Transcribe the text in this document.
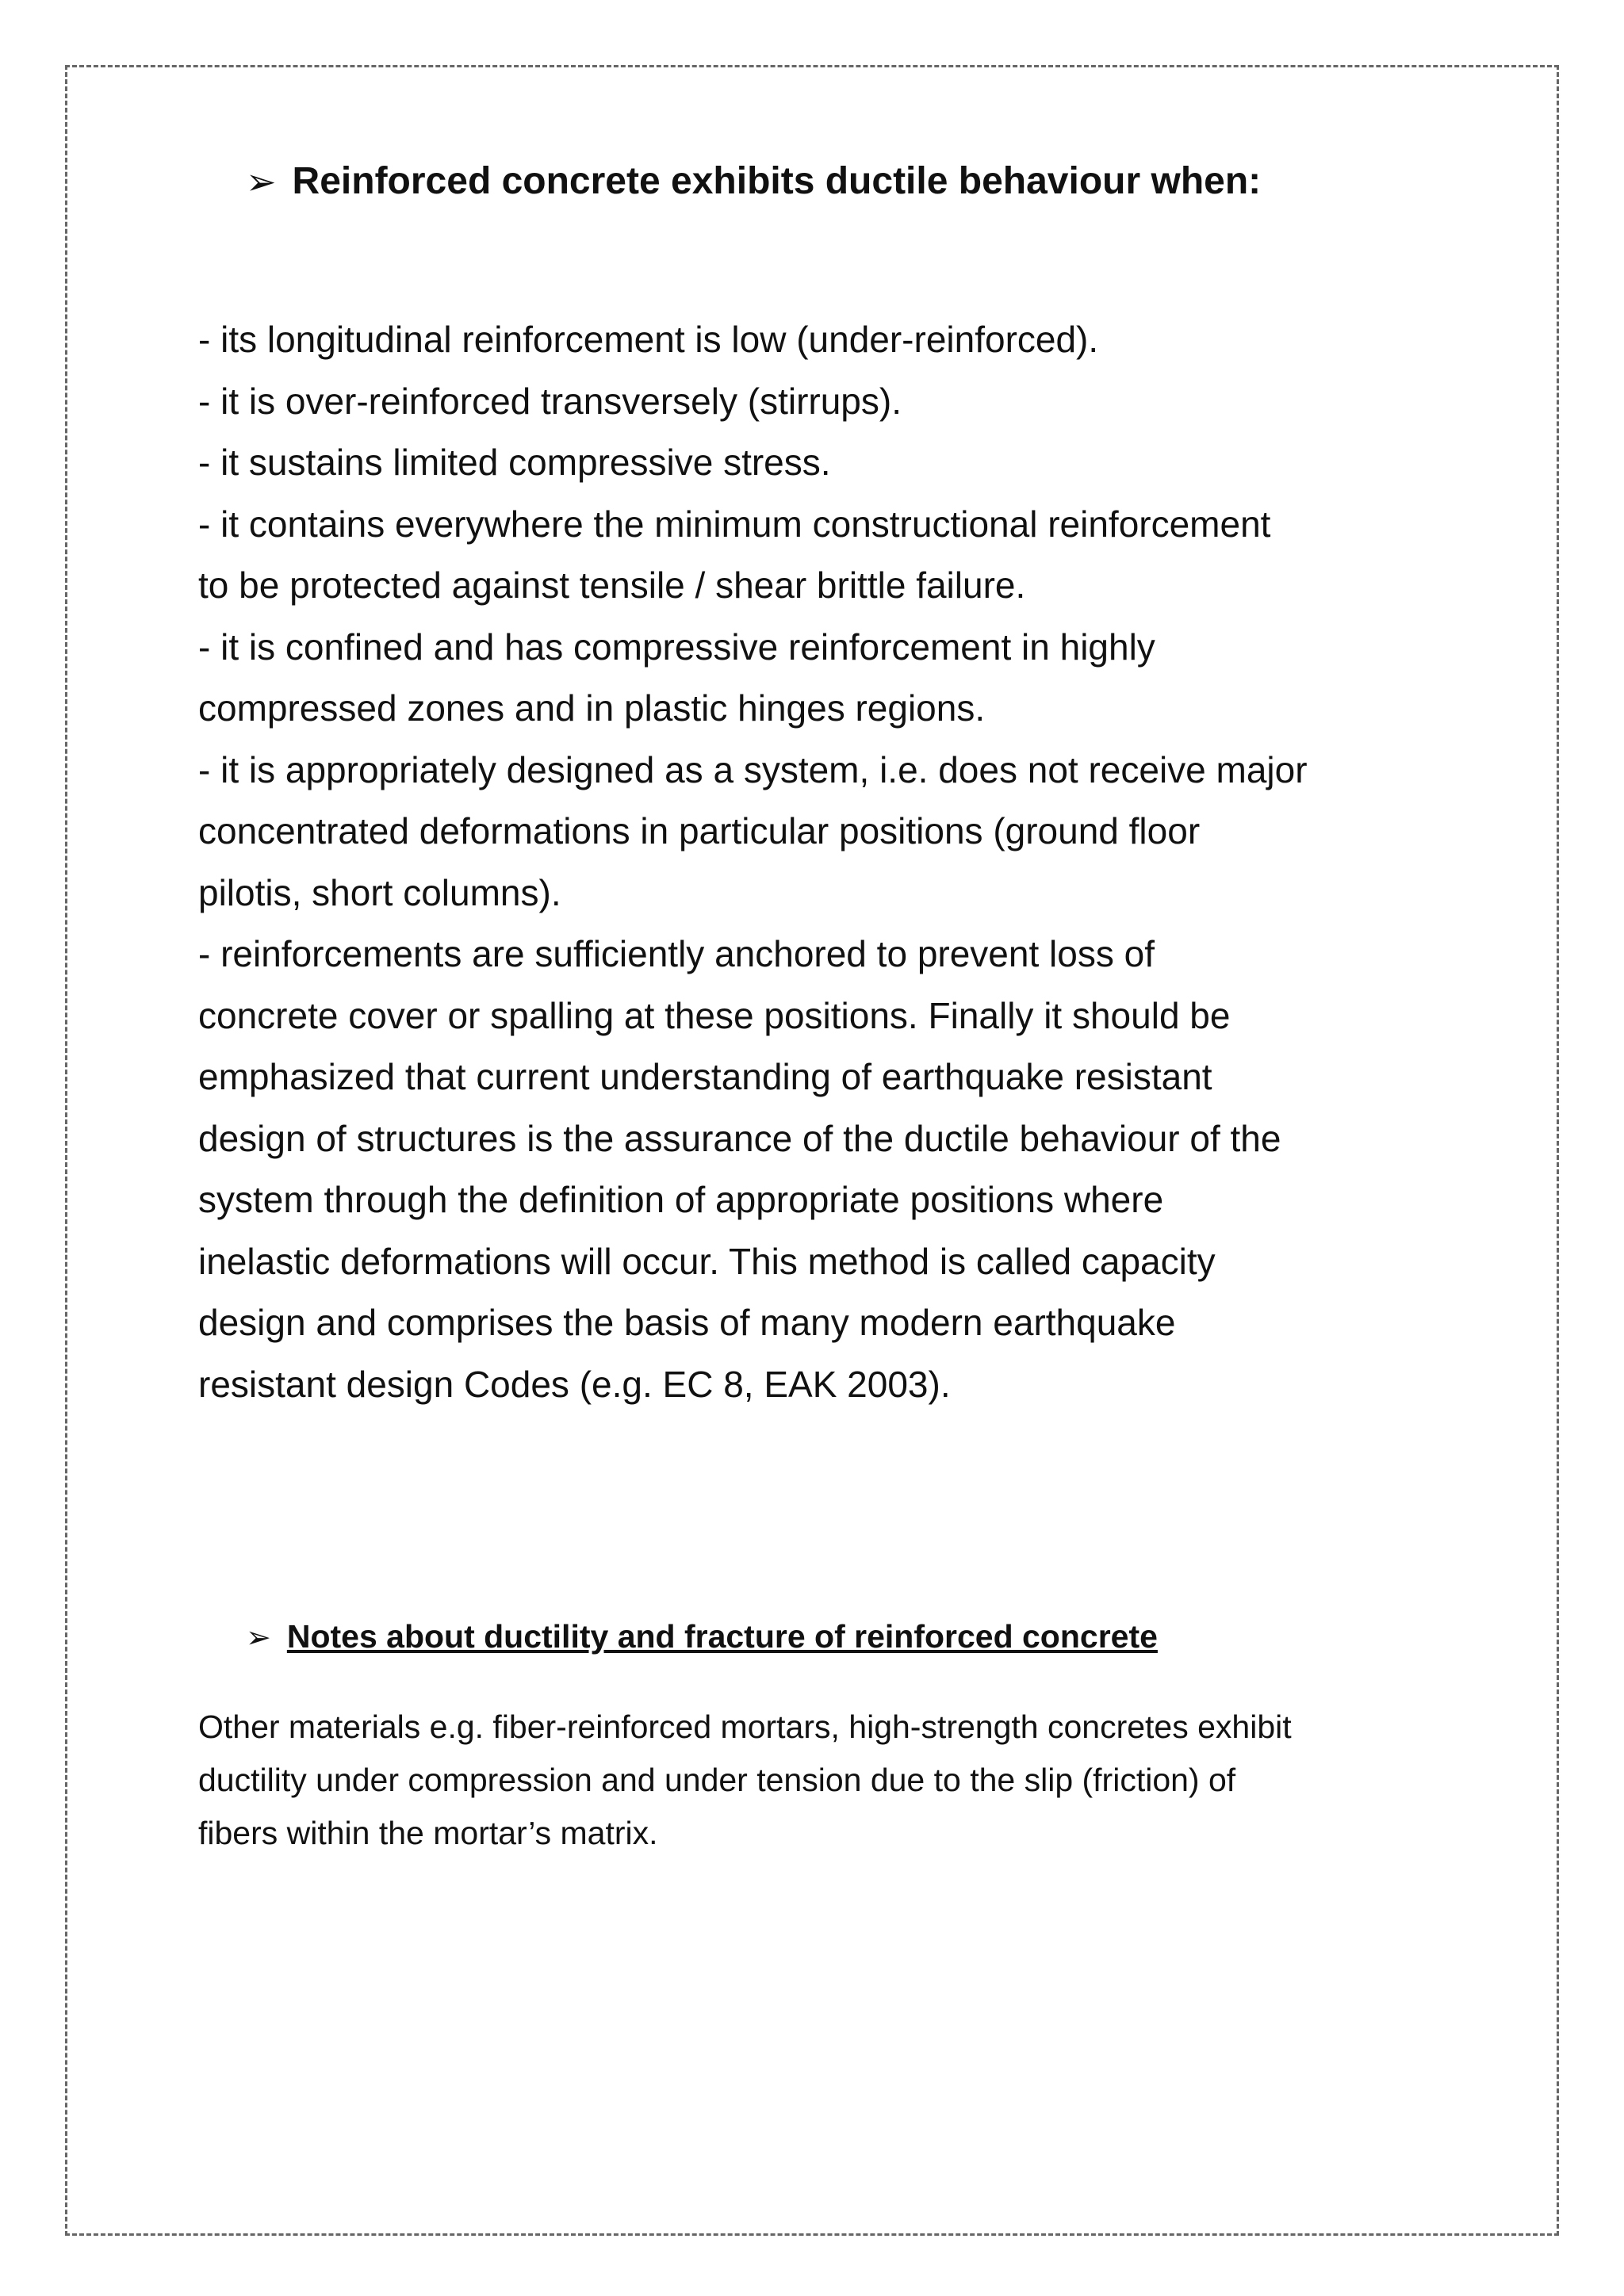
➢ Reinforced concrete exhibits ductile behaviour when:
- its longitudinal reinforcement is low (under-reinforced).
- it is over-reinforced transversely (stirrups).
- it sustains limited compressive stress.
- it contains everywhere the minimum constructional reinforcement
to be protected against tensile / shear brittle failure.
- it is confined and has compressive reinforcement in highly
compressed zones and in plastic hinges regions.
- it is appropriately designed as a system, i.e. does not receive major
concentrated deformations in particular positions (ground floor
pilotis, short columns).
- reinforcements are sufficiently anchored to prevent loss of
concrete cover or spalling at these positions. Finally it should be
emphasized that current understanding of earthquake resistant
design of structures is the assurance of the ductile behaviour of the
system through the definition of appropriate positions where
inelastic deformations will occur. This method is called capacity
design and comprises the basis of many modern earthquake
resistant design Codes (e.g. EC 8, EAK 2003).
➢ Notes about ductility and fracture of reinforced concrete
Other materials e.g. fiber-reinforced mortars, high-strength concretes exhibit
ductility under compression and under tension due to the slip (friction) of
fibers within the mortar’s matrix.
